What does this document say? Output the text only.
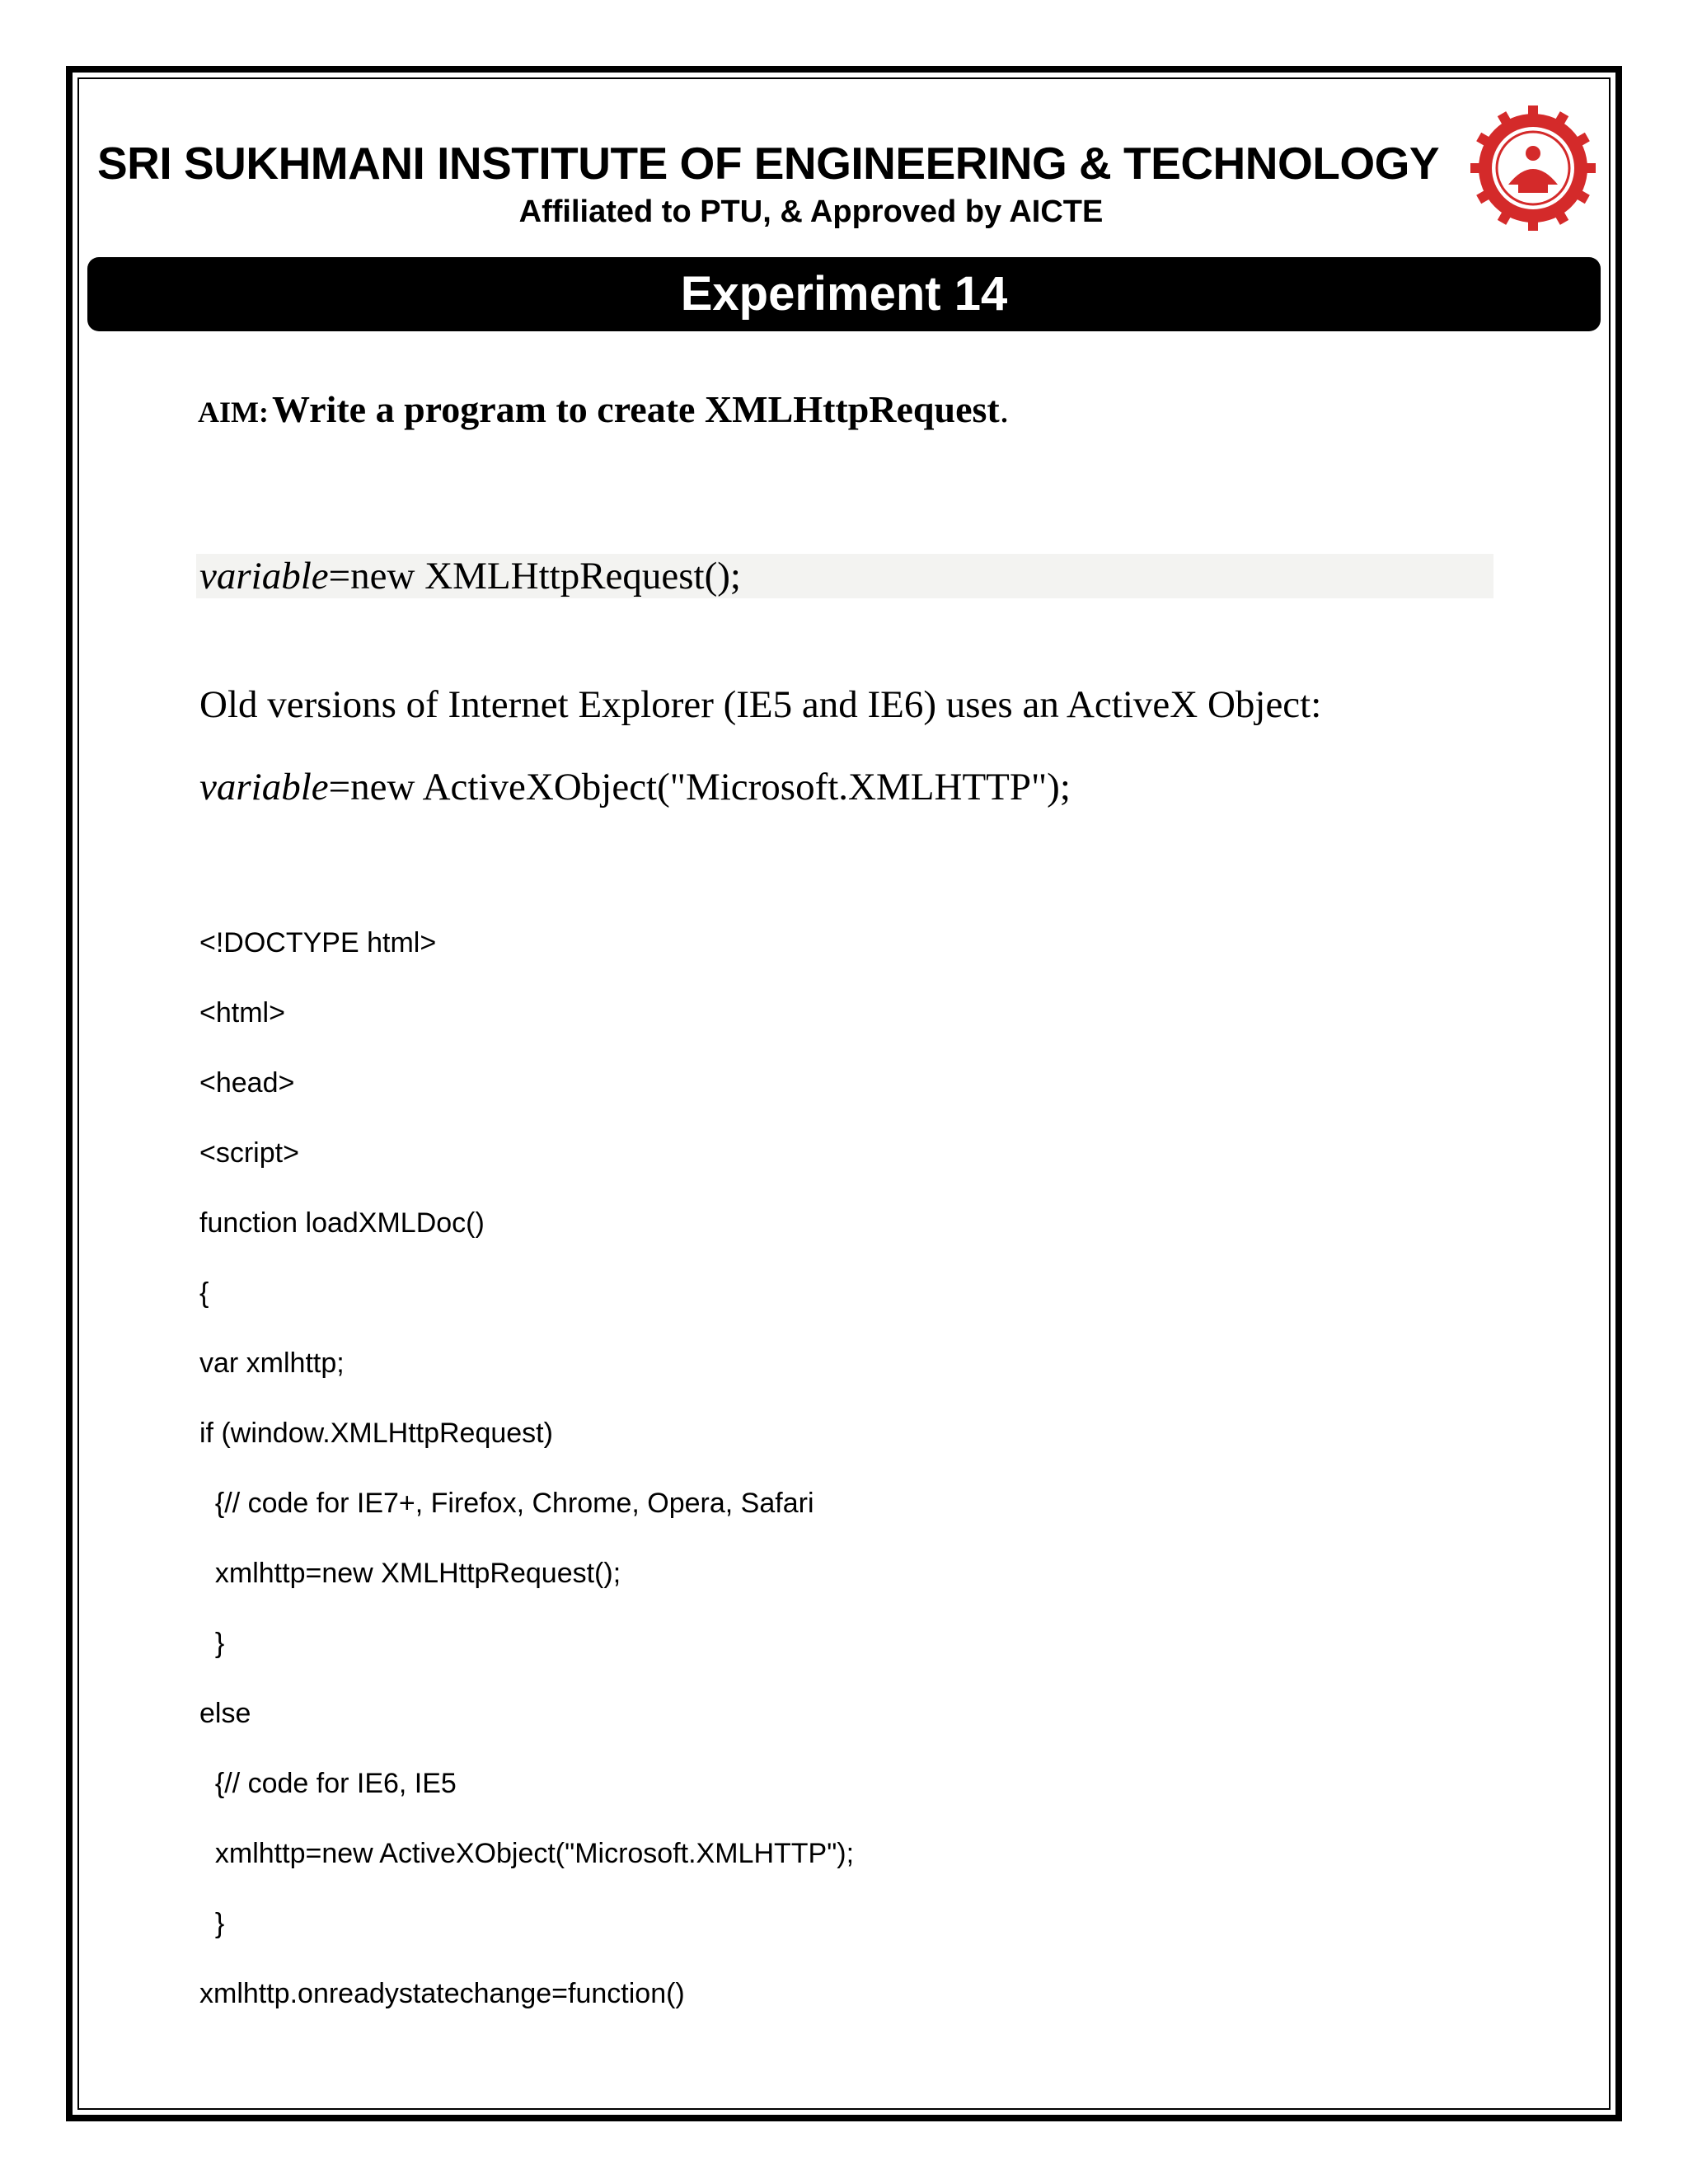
SRI SUKHMANI INSTITUTE OF ENGINEERING & TECHNOLOGY
Affiliated to PTU, & Approved by AICTE
Experiment 14
AIM: Write a program to create XMLHttpRequest.
variable=new XMLHttpRequest();
Old versions of Internet Explorer (IE5 and IE6) uses an ActiveX Object:
variable=new ActiveXObject("Microsoft.XMLHTTP");
<!DOCTYPE html>
<html>
<head>
<script>
function loadXMLDoc()
{
var xmlhttp;
if (window.XMLHttpRequest)
{// code for IE7+, Firefox, Chrome, Opera, Safari
xmlhttp=new XMLHttpRequest();
}
else
{// code for IE6, IE5
xmlhttp=new ActiveXObject("Microsoft.XMLHTTP");
}
xmlhttp.onreadystatechange=function()
